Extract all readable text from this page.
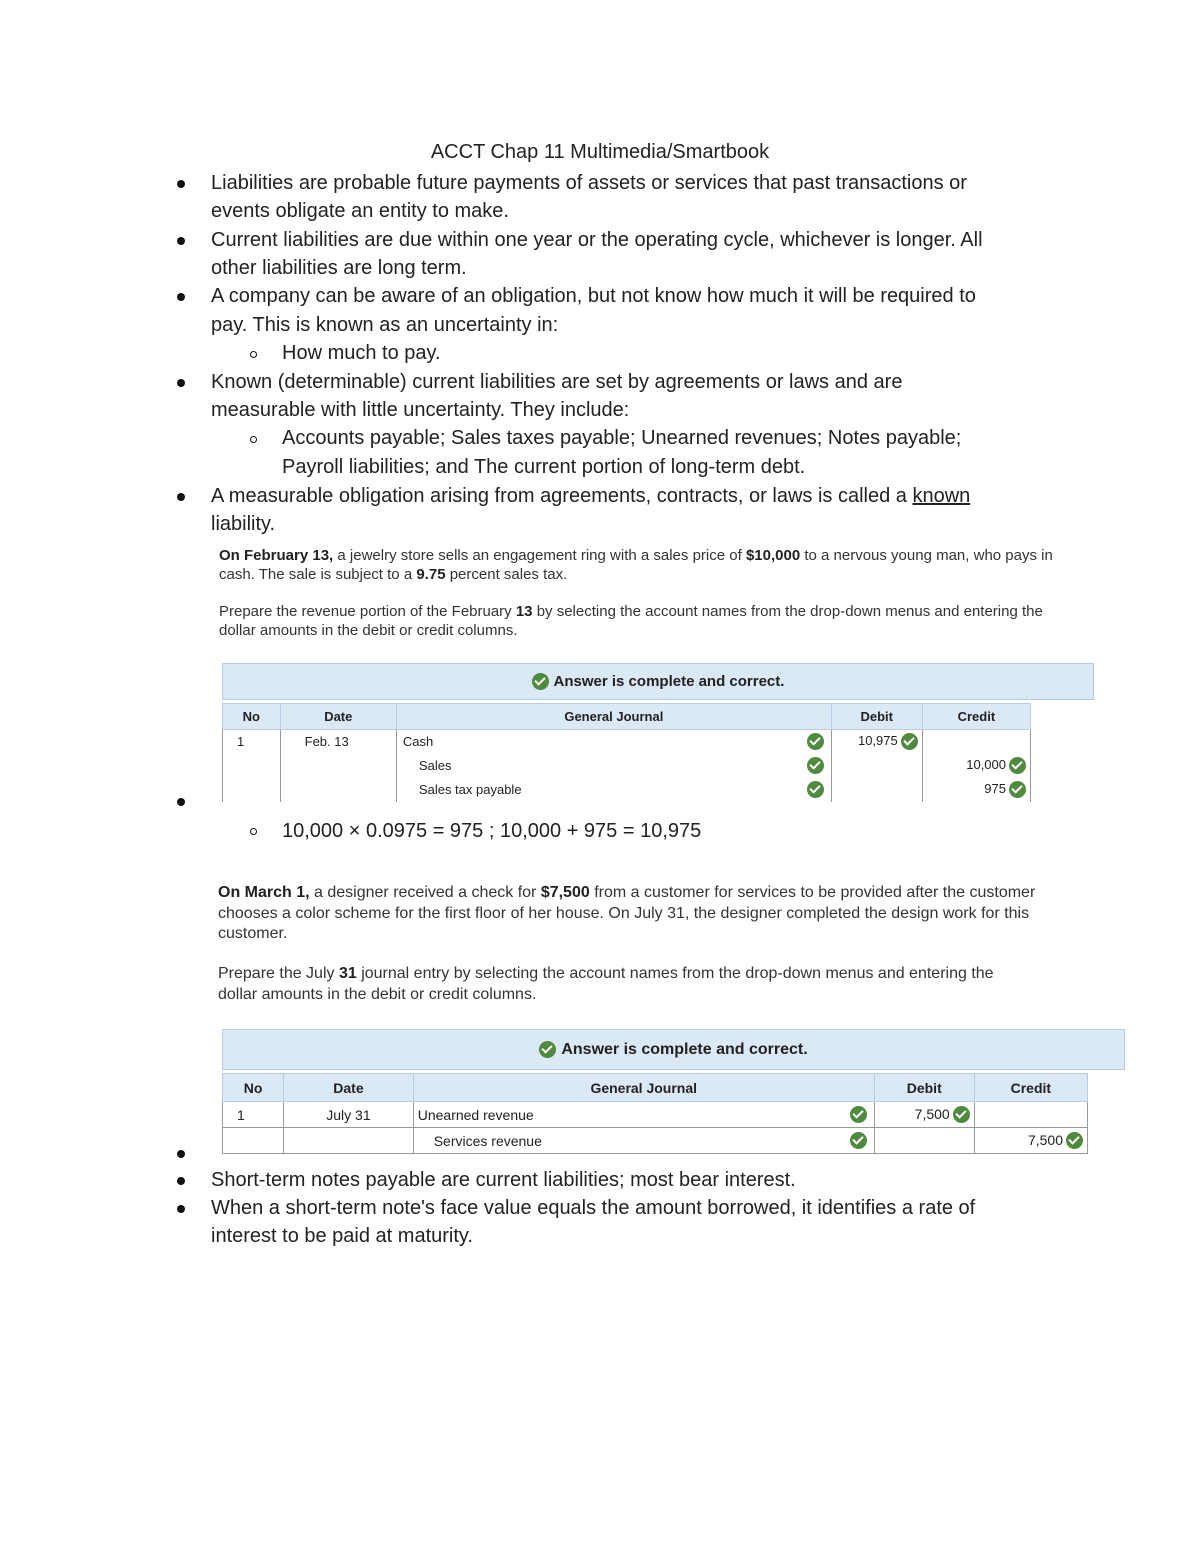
ACCT Chap 11 Multimedia/Smartbook
Liabilities are probable future payments of assets or services that past transactions or
events obligate an entity to make.
Current liabilities are due within one year or the operating cycle, whichever is longer. All
other liabilities are long term.
A company can be aware of an obligation, but not know how much it will be required to
pay. This is known as an uncertainty in:
How much to pay.
Known (determinable) current liabilities are set by agreements or laws and are
measurable with little uncertainty. They include:
Accounts payable; Sales taxes payable; Unearned revenues; Notes payable;
Payroll liabilities; and The current portion of long-term debt.
A measurable obligation arising from agreements, contracts, or laws is called a known
liability.
On February 13, a jewelry store sells an engagement ring with a sales price of $10,000 to a nervous young man, who pays in
cash. The sale is subject to a 9.75 percent sales tax.
Prepare the revenue portion of the February 13 by selecting the account names from the drop-down menus and entering the
dollar amounts in the debit or credit columns.
Answer is complete and correct.
No	Date	General Journal		Debit	Credit
1	Feb. 13	Cash		10,975	
		Sales			10,000
		Sales tax payable			975
10,000 × 0.0975 = 975 ; 10,000 + 975 = 10,975
On March 1, a designer received a check for $7,500 from a customer for services to be provided after the customer
chooses a color scheme for the first floor of her house. On July 31, the designer completed the design work for this
customer.
Prepare the July 31 journal entry by selecting the account names from the drop-down menus and entering the
dollar amounts in the debit or credit columns.
Answer is complete and correct.
No	Date	General Journal		Debit	Credit
1	July 31	Unearned revenue		7,500	
		Services revenue			7,500
Short-term notes payable are current liabilities; most bear interest.
When a short-term note's face value equals the amount borrowed, it identifies a rate of
interest to be paid at maturity.
